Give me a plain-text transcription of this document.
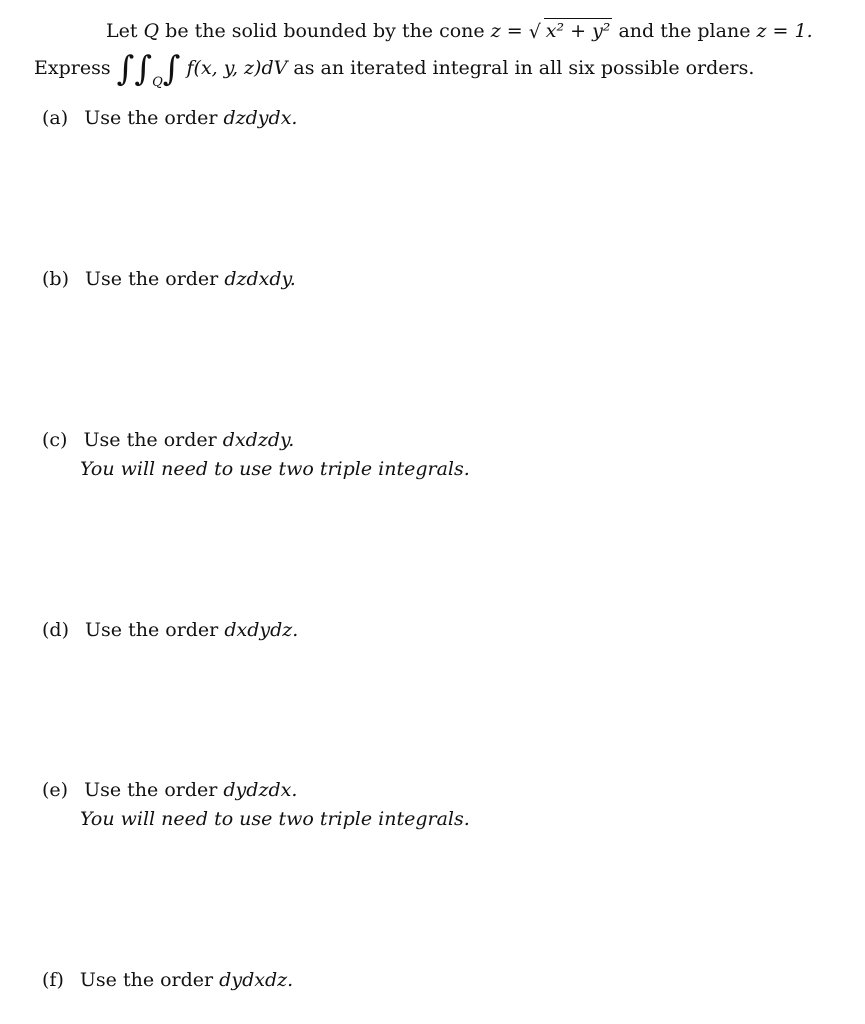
Let Q be the solid bounded by the cone z = √ x² + y² and the plane z = 1.
Express $\int\int_Q\int$ f(x, y, z)dV as an iterated integral in all six possible orders.
(a) Use the order dzdydx.
(b) Use the order dzdxdy.
(c) Use the order dxdzdy.
You will need to use two triple integrals.
(d) Use the order dxdydz.
(e) Use the order dydzdx.
You will need to use two triple integrals.
(f) Use the order dydxdz.
